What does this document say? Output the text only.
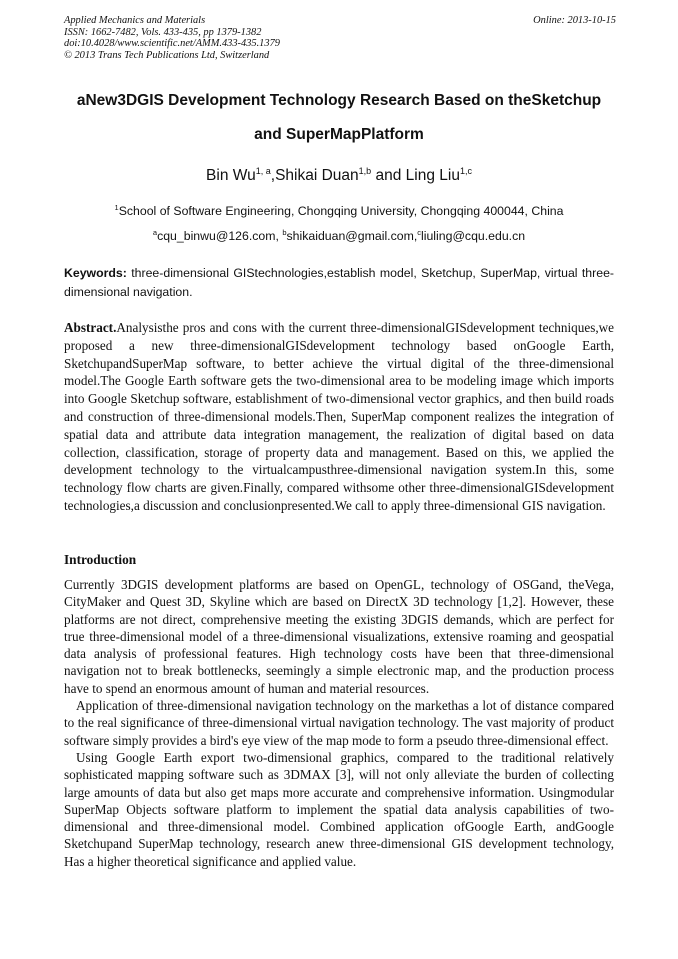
Applied Mechanics and Materials
ISSN: 1662-7482, Vols. 433-435, pp 1379-1382
doi:10.4028/www.scientific.net/AMM.433-435.1379
© 2013 Trans Tech Publications Ltd, Switzerland
Online: 2013-10-15
aNew3DGIS Development Technology Research Based on theSketchup
and SuperMapPlatform
Bin Wu$^{1, a}$,Shikai Duan$^{1,b}$ and Ling Liu$^{1,c}$
$^1$School of Software Engineering, Chongqing University, Chongqing 400044, China
$^a$cqu_binwu@126.com, $^b$shikaiduan@gmail.com,$^c$liuling@cqu.edu.cn
Keywords: three-dimensional GIStechnologies,establish model, Sketchup, SuperMap, virtual three-dimensional navigation.
Abstract.Analysisthe pros and cons with the current three-dimensionalGISdevelopment techniques,we proposed a new three-dimensionalGISdevelopment technology based onGoogle Earth, SketchupandSuperMap software, to better achieve the virtual digital of the three-dimensional model.The Google Earth software gets the two-dimensional area to be modeling image which imports into Google Sketchup software, establishment of two-dimensional vector graphics, and then build roads and construction of three-dimensional models.Then, SuperMap component realizes the integration of spatial data and attribute data integration management, the realization of digital based on data collection, classification, storage of property data and management. Based on this, we applied the development technology to the virtualcampusthree-dimensional navigation system.In this, some technology flow charts are given.Finally, compared withsome other three-dimensionalGISdevelopment technologies,a discussion and conclusionpresented.We call to apply three-dimensional GIS navigation.
Introduction

Currently 3DGIS development platforms are based on OpenGL, technology of OSGand, theVega, CityMaker and Quest 3D, Skyline which are based on DirectX 3D technology [1,2]. However, these platforms are not direct, comprehensive meeting the existing 3DGIS demands, which are perfect for true three-dimensional model of a three-dimensional visualizations, extensive roaming and geospatial data analysis of professional features. High technology costs have been that three-dimensional navigation not to break bottlenecks, seemingly a simple electronic map, and the production process have to spend an enormous amount of human and material resources.

Application of three-dimensional navigation technology on the markethas a lot of distance compared to the real significance of three-dimensional virtual navigation technology. The vast majority of product software simply provides a bird's eye view of the map mode to form a pseudo three-dimensional effect.

Using Google Earth export two-dimensional graphics, compared to the traditional relatively sophisticated mapping software such as 3DMAX [3], will not only alleviate the burden of collecting large amounts of data but also get maps more accurate and comprehensive information. Usingmodular SuperMap Objects software platform to implement the spatial data analysis capabilities of two-dimensional and three-dimensional model. Combined application ofGoogle Earth, andGoogle Sketchupand SuperMap technology, research anew three-dimensional GIS development technology, Has a higher theoretical significance and applied value.
